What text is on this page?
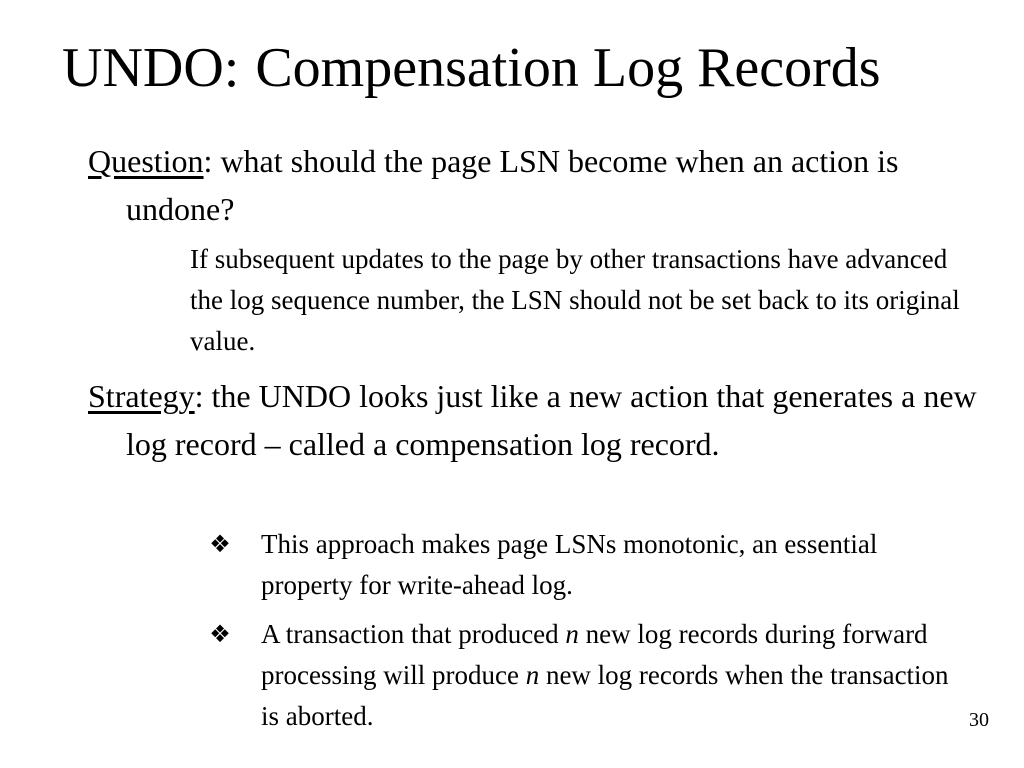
UNDO: Compensation Log Records

Question: what should the page LSN become when an action is undone?

If subsequent updates to the page by other transactions have advanced the log sequence number, the LSN should not be set back to its original value.

Strategy: the UNDO looks just like a new action that generates a new log record – called a compensation log record.

❖ This approach makes page LSNs monotonic, an essential property for write-ahead log.
❖ A transaction that produced n new log records during forward processing will produce n new log records when the transaction is aborted.	30
